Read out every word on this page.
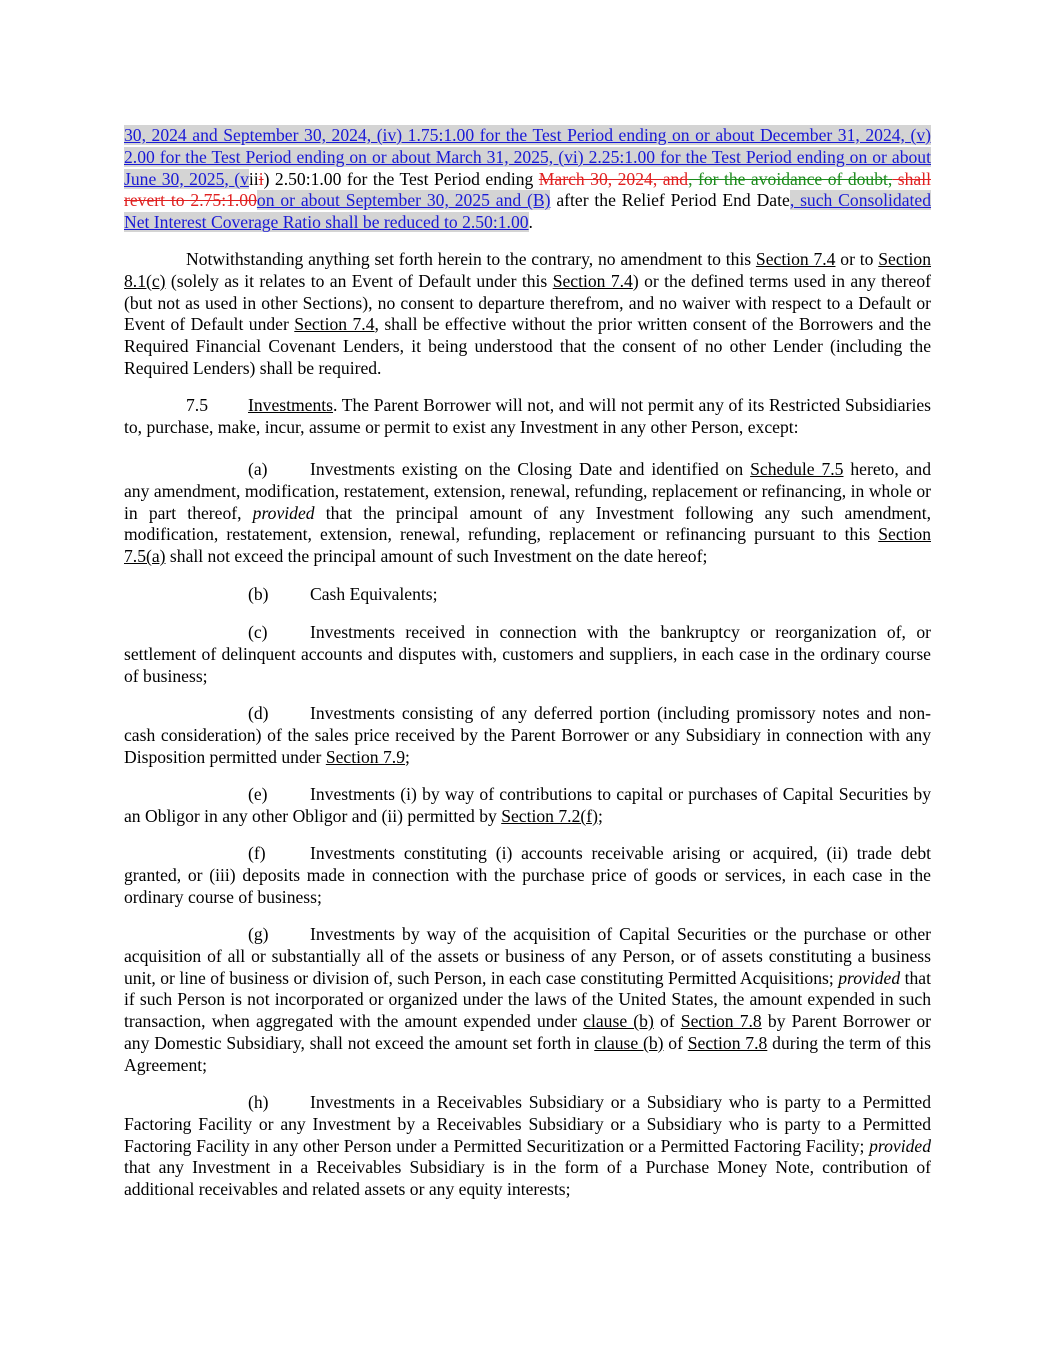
30, 2024 and September 30, 2024, (iv) 1.75:1.00 for the Test Period ending on or about December 31, 2024, (v) 2.00 for the Test Period ending on or about March 31, 2025, (vi) 2.25:1.00 for the Test Period ending on or about June 30, 2025, (viii) 2.50:1.00 for the Test Period ending March 30, 2024, and, for the avoidance of doubt, shall revert to 2.75:1.00on or about September 30, 2025 and (B) after the Relief Period End Date, such Consolidated Net Interest Coverage Ratio shall be reduced to 2.50:1.00.

Notwithstanding anything set forth herein to the contrary, no amendment to this Section 7.4 or to Section 8.1(c) (solely as it relates to an Event of Default under this Section 7.4) or the defined terms used in any thereof (but not as used in other Sections), no consent to departure therefrom, and no waiver with respect to a Default or Event of Default under Section 7.4, shall be effective without the prior written consent of the Borrowers and the Required Financial Covenant Lenders, it being understood that the consent of no other Lender (including the Required Lenders) shall be required.

7.5 Investments. The Parent Borrower will not, and will not permit any of its Restricted Subsidiaries to, purchase, make, incur, assume or permit to exist any Investment in any other Person, except:

(a) Investments existing on the Closing Date and identified on Schedule 7.5 hereto, and any amendment, modification, restatement, extension, renewal, refunding, replacement or refinancing, in whole or in part thereof, provided that the principal amount of any Investment following any such amendment, modification, restatement, extension, renewal, refunding, replacement or refinancing pursuant to this Section 7.5(a) shall not exceed the principal amount of such Investment on the date hereof;

(b) Cash Equivalents;

(c) Investments received in connection with the bankruptcy or reorganization of, or settlement of delinquent accounts and disputes with, customers and suppliers, in each case in the ordinary course of business;

(d) Investments consisting of any deferred portion (including promissory notes and non-cash consideration) of the sales price received by the Parent Borrower or any Subsidiary in connection with any Disposition permitted under Section 7.9;

(e) Investments (i) by way of contributions to capital or purchases of Capital Securities by an Obligor in any other Obligor and (ii) permitted by Section 7.2(f);

(f)	Investments constituting (i) accounts receivable arising or acquired, (ii) trade debt granted, or (iii) deposits made in connection with the purchase price of goods or services, in each case in the ordinary course of business;

(g) Investments by way of the acquisition of Capital Securities or the purchase or other acquisition of all or substantially all of the assets or business of any Person, or of assets constituting a business unit, or line of business or division of, such Person, in each case constituting Permitted Acquisitions; provided that if such Person is not incorporated or organized under the laws of the United States, the amount expended in such transaction, when aggregated with the amount expended under clause (b) of Section 7.8 by Parent Borrower or any Domestic Subsidiary, shall not exceed the amount set forth in clause (b) of Section 7.8 during the term of this Agreement;

(h) Investments in a Receivables Subsidiary or a Subsidiary who is party to a Permitted Factoring Facility or any Investment by a Receivables Subsidiary or a Subsidiary who is party to a Permitted Factoring Facility in any other Person under a Permitted Securitization or a Permitted Factoring Facility; provided that any Investment in a Receivables Subsidiary is in the form of a Purchase Money Note, contribution of additional receivables and related assets or any equity interests;
